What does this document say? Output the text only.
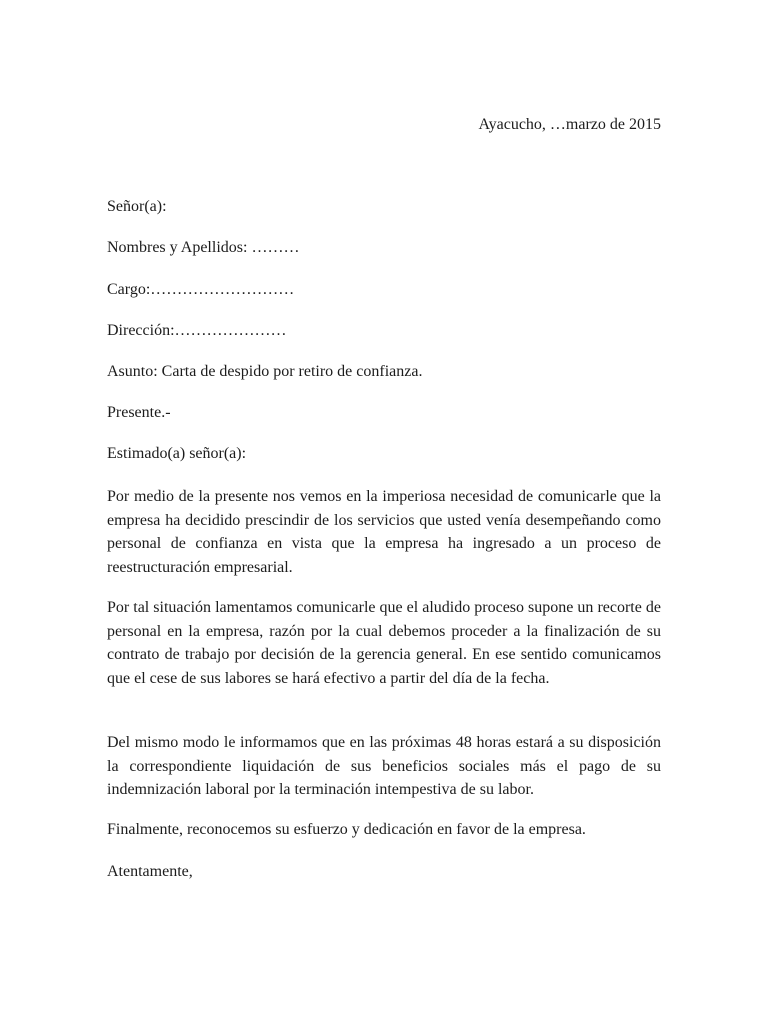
Ayacucho, …marzo de 2015
Señor(a):
Nombres y Apellidos: ………
Cargo:………………………
Dirección:…………………
Asunto: Carta de despido por retiro de confianza.
Presente.-
Estimado(a) señor(a):
Por medio de la presente nos vemos en la imperiosa necesidad de comunicarle que la empresa ha decidido prescindir de los servicios que usted venía desempeñando como personal de confianza en vista que la empresa ha ingresado a un proceso de reestructuración empresarial.
Por tal situación lamentamos comunicarle que el aludido proceso supone un recorte de personal en la empresa, razón por la cual debemos proceder a la finalización de su contrato de trabajo por decisión de la gerencia general. En ese sentido comunicamos que el cese de sus labores se hará efectivo a partir del día de la fecha.
Del mismo modo le informamos que en las próximas 48 horas estará a su disposición la correspondiente liquidación de sus beneficios sociales más el pago de su indemnización laboral por la terminación intempestiva de su labor.
Finalmente, reconocemos su esfuerzo y dedicación en favor de la empresa.
Atentamente,
